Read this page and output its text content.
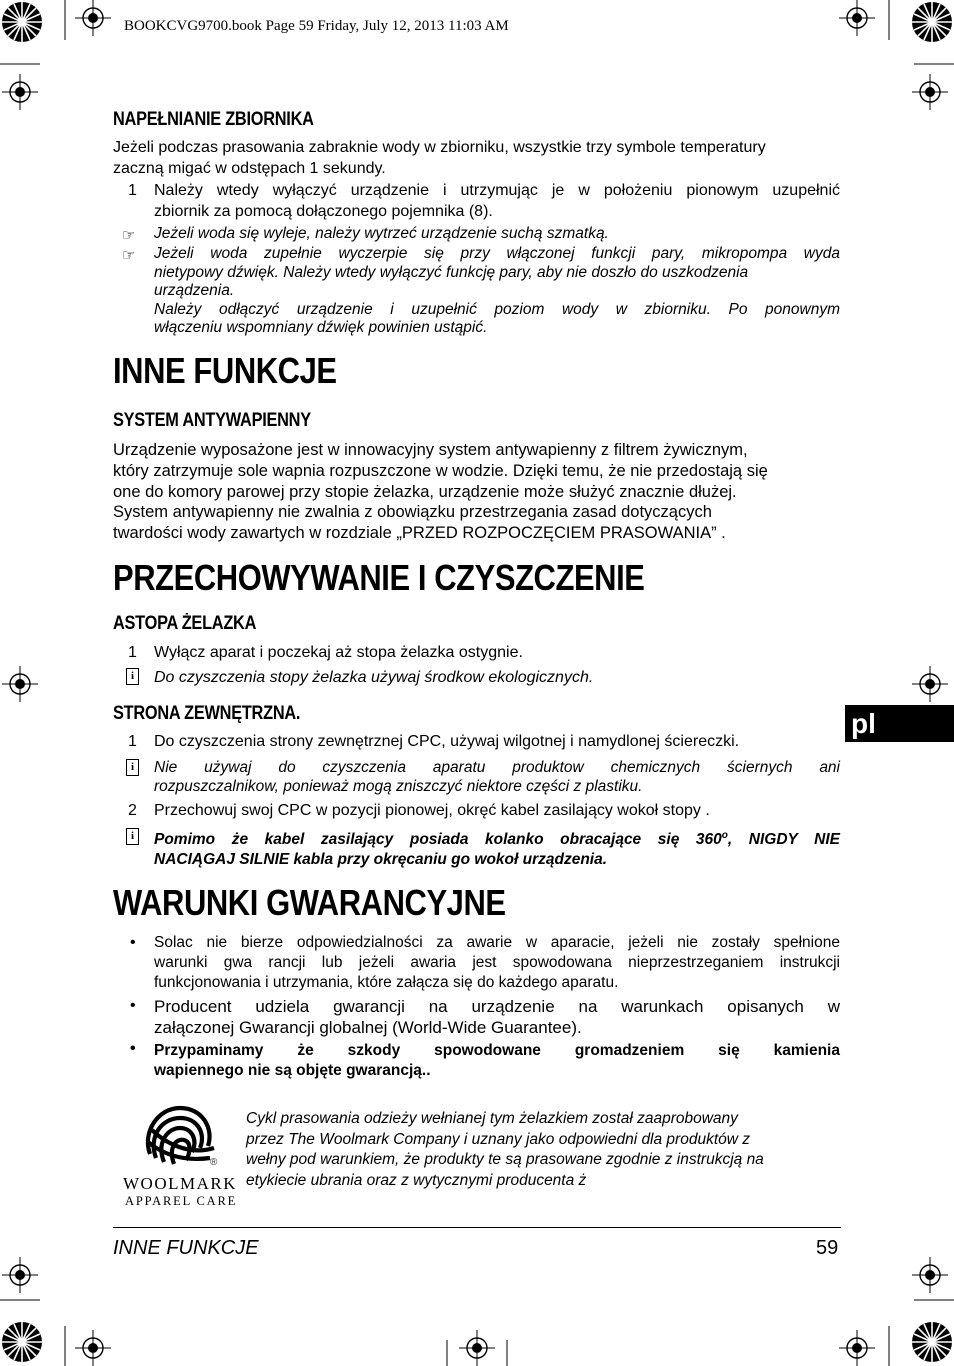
BOOKCVG9700.book Page 59 Friday, July 12, 2013 11:03 AM
NAPEŁNIANIE ZBIORNIKA
Jeżeli podczas prasowania zabraknie wody w zbiorniku, wszystkie trzy symbole temperatury
zaczną migać w odstępach 1 sekundy.
1 Należy wtedy wyłączyć urządzenie i utrzymując je w położeniu pionowym uzupełnić
zbiornik za pomocą dołączonego pojemnika (8).
☞ Jeżeli woda się wyleje, należy wytrzeć urządzenie suchą szmatką.
☞ Jeżeli woda zupełnie wyczerpie się przy włączonej funkcji pary, mikropompa wyda
nietypowy dźwięk. Należy wtedy wyłączyć funkcję pary, aby nie doszło do uszkodzenia
urządzenia.
Należy odłączyć urządzenie i uzupełnić poziom wody w zbiorniku. Po ponownym
włączeniu wspomniany dźwięk powinien ustąpić.
INNE FUNKCJE
SYSTEM ANTYWAPIENNY
Urządzenie wyposażone jest w innowacyjny system antywapienny z filtrem żywicznym,
który zatrzymuje sole wapnia rozpuszczone w wodzie. Dzięki temu, że nie przedostają się
one do komory parowej przy stopie żelazka, urządzenie może służyć znacznie dłużej.
System antywapienny nie zwalnia z obowiązku przestrzegania zasad dotyczących
twardości wody zawartych w rozdziale „PRZED ROZPOCZĘCIEM PRASOWANIA” .
PRZECHOWYWANIE I CZYSZCZENIE
ASTOPA ŻELAZKA
1 Wyłącz aparat i poczekaj aż stopa żelazka ostygnie.
i	Do czyszczenia stopy żelazka używaj środkow ekologicznych.
STRONA ZEWNĘTRZNA.
1 Do czyszczenia strony zewnętrznej CPC, używaj wilgotnej i namydlonej ściereczki.
i	Nie używaj do czyszczenia aparatu produktow chemicznych ściernych ani
rozpuszczalnikow, ponieważ mogą zniszczyć niektore części z plastiku.
2 Przechowuj swoj CPC w pozycji pionowej, okręć kabel zasilający wokoł stopy .
i	Pomimo że kabel zasilający posiada kolanko obracające się 360$^o$, NIGDY NIE
NACIĄGAJ SILNIE kabla przy okręcaniu go wokoł urządzenia.
WARUNKI GWARANCYJNE
• Solac nie bierze odpowiedzialności za awarie w aparacie, jeżeli nie zostały spełnione
warunki gwa rancji lub jeżeli awaria jest spowodowana nieprzestrzeganiem instrukcji
funkcjonowania i utrzymania, które załącza się do każdego aparatu.
• Producent udziela gwarancji na urządzenie na warunkach opisanych w
załączonej Gwarancji globalnej (World-Wide Guarantee).
• Przypaminamy że szkody spowodowane gromadzeniem się kamienia
wapiennego nie są objęte gwarancją..
®
WOOLMARK
APPAREL CARE
Cykl prasowania odzieży wełnianej tym żelazkiem został zaaprobowany
przez The Woolmark Company i uznany jako odpowiedni dla produktów z
wełny pod warunkiem, że produkty te są prasowane zgodnie z instrukcją na
etykiecie ubrania oraz z wytycznymi producenta ż
pl
INNE FUNKCJE	59
